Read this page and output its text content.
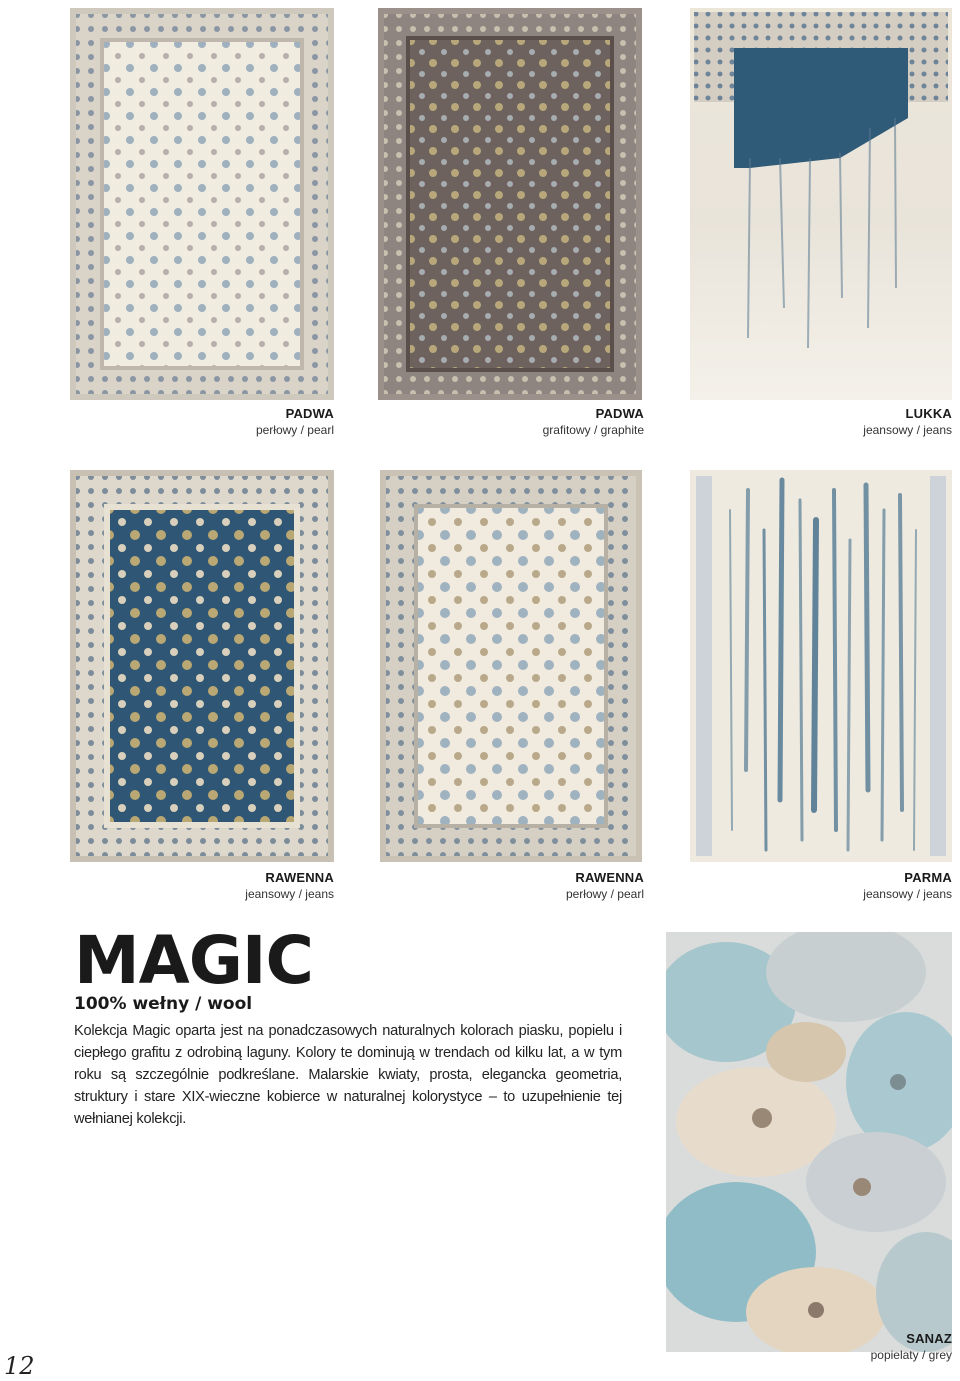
PADWA
perłowy / pearl
PADWA
grafitowy / graphite
LUKKA
jeansowy / jeans
RAWENNA
jeansowy / jeans
RAWENNA
perłowy / pearl
PARMA
jeansowy / jeans
MAGIC
100% wełny / wool

Kolekcja Magic oparta jest na ponadczasowych naturalnych kolorach piasku, popielu i ciepłego grafitu z odrobiną laguny. Kolory te dominują w trendach od kilku lat, a w tym roku są szczególnie podkreślane. Malarskie kwiaty, prosta, elegancka geometria, struktury i stare XIX-wieczne kobierce w naturalnej kolorystyce – to uzupełnienie tej wełnianej kolekcji.

SANAZ
popielaty / grey
12
